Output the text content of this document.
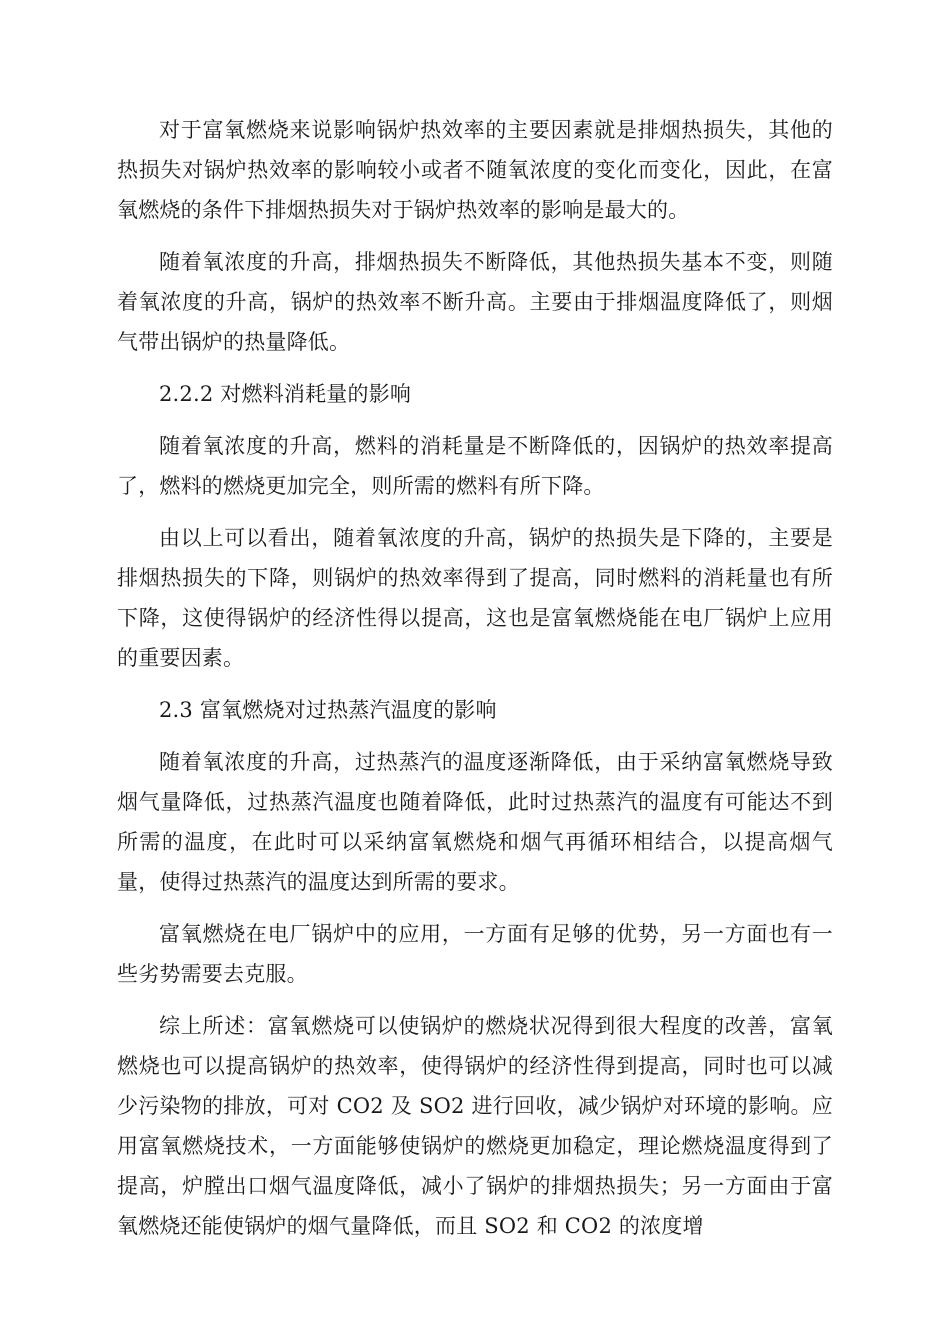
对于富氧燃烧来说影响锅炉热效率的主要因素就是排烟热损失，其他的热损失对锅炉热效率的影响较小或者不随氧浓度的变化而变化，因此，在富氧燃烧的条件下排烟热损失对于锅炉热效率的影响是最大的。

随着氧浓度的升高，排烟热损失不断降低，其他热损失基本不变，则随着氧浓度的升高，锅炉的热效率不断升高。主要由于排烟温度降低了，则烟气带出锅炉的热量降低。

2.2.2 对燃料消耗量的影响

随着氧浓度的升高，燃料的消耗量是不断降低的，因锅炉的热效率提高了，燃料的燃烧更加完全，则所需的燃料有所下降。

由以上可以看出，随着氧浓度的升高，锅炉的热损失是下降的，主要是排烟热损失的下降，则锅炉的热效率得到了提高，同时燃料的消耗量也有所下降，这使得锅炉的经济性得以提高，这也是富氧燃烧能在电厂锅炉上应用的重要因素。

2.3 富氧燃烧对过热蒸汽温度的影响

随着氧浓度的升高，过热蒸汽的温度逐渐降低，由于采纳富氧燃烧导致烟气量降低，过热蒸汽温度也随着降低，此时过热蒸汽的温度有可能达不到所需的温度，在此时可以采纳富氧燃烧和烟气再循环相结合，以提高烟气量，使得过热蒸汽的温度达到所需的要求。

富氧燃烧在电厂锅炉中的应用，一方面有足够的优势，另一方面也有一些劣势需要去克服。

综上所述：富氧燃烧可以使锅炉的燃烧状况得到很大程度的改善，富氧燃烧也可以提高锅炉的热效率，使得锅炉的经济性得到提高，同时也可以减少污染物的排放，可对 CO2 及 SO2 进行回收，减少锅炉对环境的影响。应用富氧燃烧技术，一方面能够使锅炉的燃烧更加稳定，理论燃烧温度得到了提高，炉膛出口烟气温度降低，减小了锅炉的排烟热损失；另一方面由于富氧燃烧还能使锅炉的烟气量降低，而且 SO2 和 CO2 的浓度增
